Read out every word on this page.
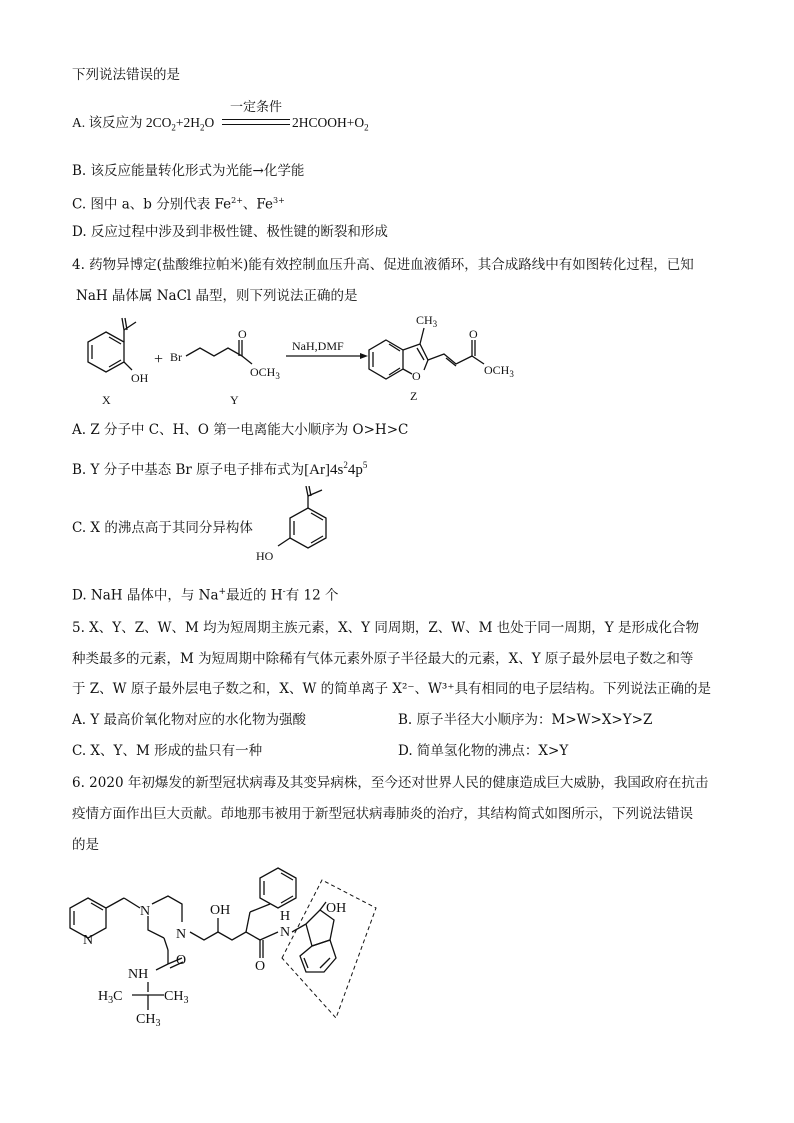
下列说法错误的是
A. 该反应为 $2CO_2+2H_2O$
一定条件
$2HCOOH+O_2$
B. 该反应能量转化形式为光能→化学能
C. 图中 a、b 分别代表 $Fe^{2+}$、$Fe^{3+}$
D. 反应过程中涉及到非极性键、极性键的断裂和形成
4. 药物异博定(盐酸维拉帕米)能有效控制血压升高、促进血液循环，其合成路线中有如图转化过程，已知
NaH 晶体属 NaCl 晶型，则下列说法正确的是
OH
X
+ Br
O
$OCH_3$
Y
NaH,DMF
O
$CH_3$
O
$OCH_3$
Z
A. Z 分子中 C、H、O 第一电离能大小顺序为 O>H>C
B. Y 分子中基态 Br 原子电子排布式为$[Ar]4s^24p^5$
C. X 的沸点高于其同分异构体
HO
D. NaH 晶体中，与 Na+最近的 H-有 12 个
5. X、Y、Z、W、M 均为短周期主族元素，X、Y 同周期，Z、W、M 也处于同一周期，Y 是形成化合物
种类最多的元素，M 为短周期中除稀有气体元素外原子半径最大的元素，X、Y 原子最外层电子数之和等
于 Z、W 原子最外层电子数之和，X、W 的简单离子 X²⁻、W³⁺具有相同的电子层结构。下列说法正确的是
A. Y 最高价氧化物对应的水化物为强酸	B. 原子半径大小顺序为：M>W>X>Y>Z
C. X、Y、M 形成的盐只有一种	D. 简单氢化物的沸点：X>Y
6. 2020 年初爆发的新型冠状病毒及其变异病株，至今还对世界人民的健康造成巨大威胁，我国政府在抗击
疫情方面作出巨大贡献。茚地那韦被用于新型冠状病毒肺炎的治疗，其结构简式如图所示，下列说法错误
的是
N
N
N
O
NH
$H_3C$	$CH_3$
$CH_3$
OH
O
H
N
OH
